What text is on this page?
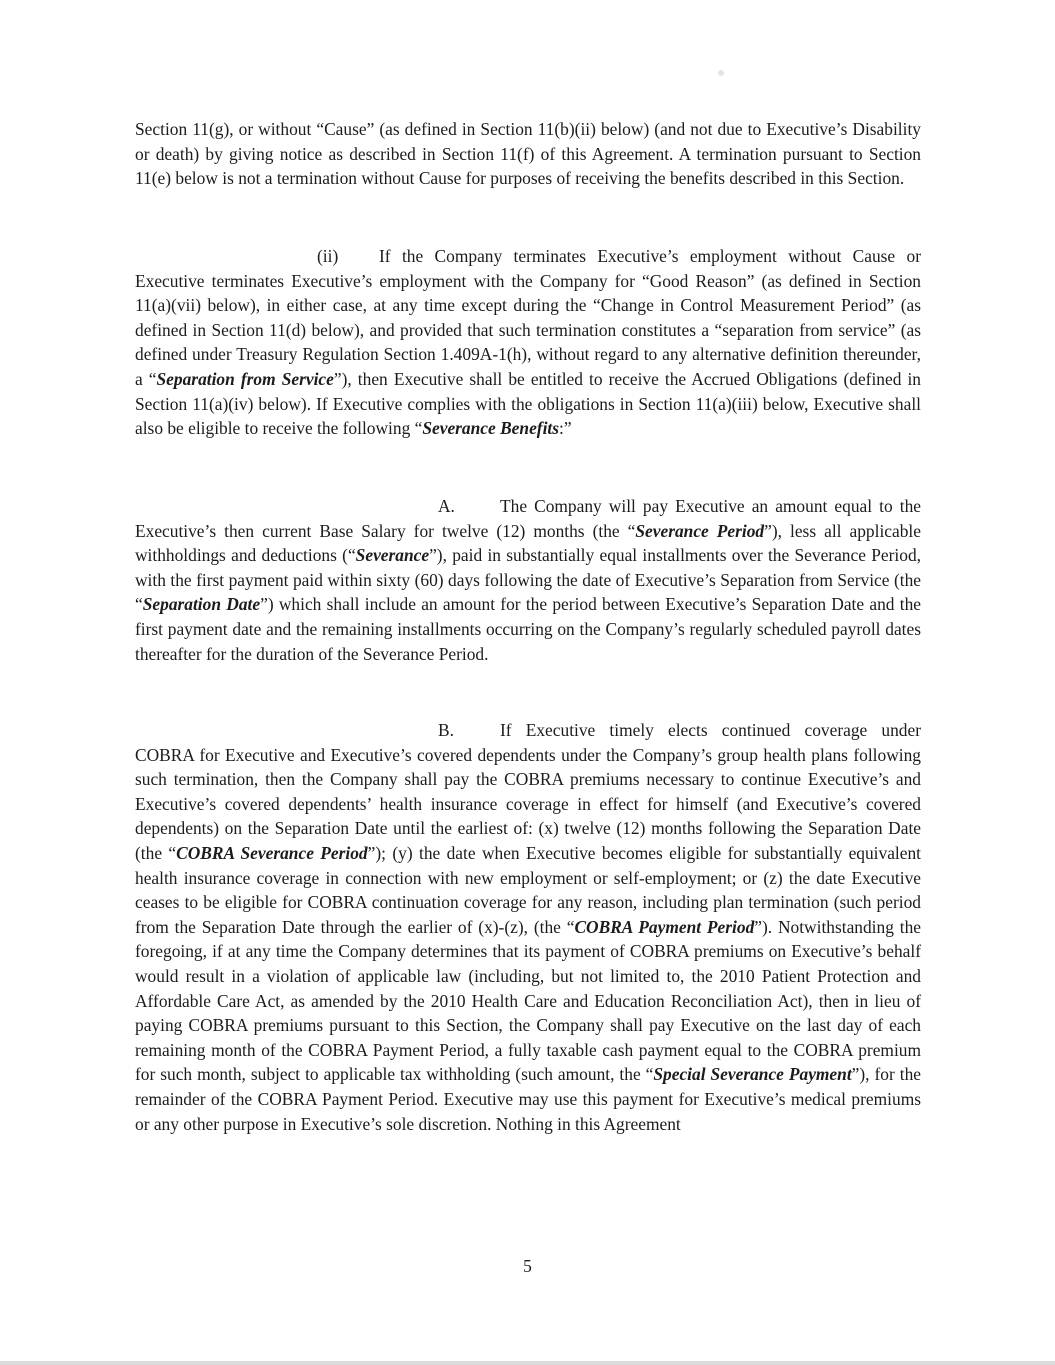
Section 11(g), or without “Cause” (as defined in Section 11(b)(ii) below) (and not due to Executive’s Disability or death) by giving notice as described in Section 11(f) of this Agreement. A termination pursuant to Section 11(e) below is not a termination without Cause for purposes of receiving the benefits described in this Section.

(ii) If the Company terminates Executive’s employment without Cause or Executive terminates Executive’s employment with the Company for “Good Reason” (as defined in Section 11(a)(vii) below), in either case, at any time except during the “Change in Control Measurement Period” (as defined in Section 11(d) below), and provided that such termination constitutes a “separation from service” (as defined under Treasury Regulation Section 1.409A-1(h), without regard to any alternative definition thereunder, a “Separation from Service”), then Executive shall be entitled to receive the Accrued Obligations (defined in Section 11(a)(iv) below). If Executive complies with the obligations in Section 11(a)(iii) below, Executive shall also be eligible to receive the following “Severance Benefits:”

A.	The Company will pay Executive an amount equal to the Executive’s then current Base Salary for twelve (12) months (the “Severance Period”), less all applicable withholdings and deductions (“Severance”), paid in substantially equal installments over the Severance Period, with the first payment paid within sixty (60) days following the date of Executive’s Separation from Service (the “Separation Date”) which shall include an amount for the period between Executive’s Separation Date and the first payment date and the remaining installments occurring on the Company’s regularly scheduled payroll dates thereafter for the duration of the Severance Period.

B.	If Executive timely elects continued coverage under COBRA for Executive and Executive’s covered dependents under the Company’s group health plans following such termination, then the Company shall pay the COBRA premiums necessary to continue Executive’s and Executive’s covered dependents’ health insurance coverage in effect for himself (and Executive’s covered dependents) on the Separation Date until the earliest of: (x) twelve (12) months following the Separation Date (the “COBRA Severance Period”); (y) the date when Executive becomes eligible for substantially equivalent health insurance coverage in connection with new employment or self-employment; or (z) the date Executive ceases to be eligible for COBRA continuation coverage for any reason, including plan termination (such period from the Separation Date through the earlier of (x)-(z), (the “COBRA Payment Period”). Notwithstanding the foregoing, if at any time the Company determines that its payment of COBRA premiums on Executive’s behalf would result in a violation of applicable law (including, but not limited to, the 2010 Patient Protection and Affordable Care Act, as amended by the 2010 Health Care and Education Reconciliation Act), then in lieu of paying COBRA premiums pursuant to this Section, the Company shall pay Executive on the last day of each remaining month of the COBRA Payment Period, a fully taxable cash payment equal to the COBRA premium for such month, subject to applicable tax withholding (such amount, the “Special Severance Payment”), for the remainder of the COBRA Payment Period. Executive may use this payment for Executive’s medical premiums or any other purpose in Executive’s sole discretion. Nothing in this Agreement

5
